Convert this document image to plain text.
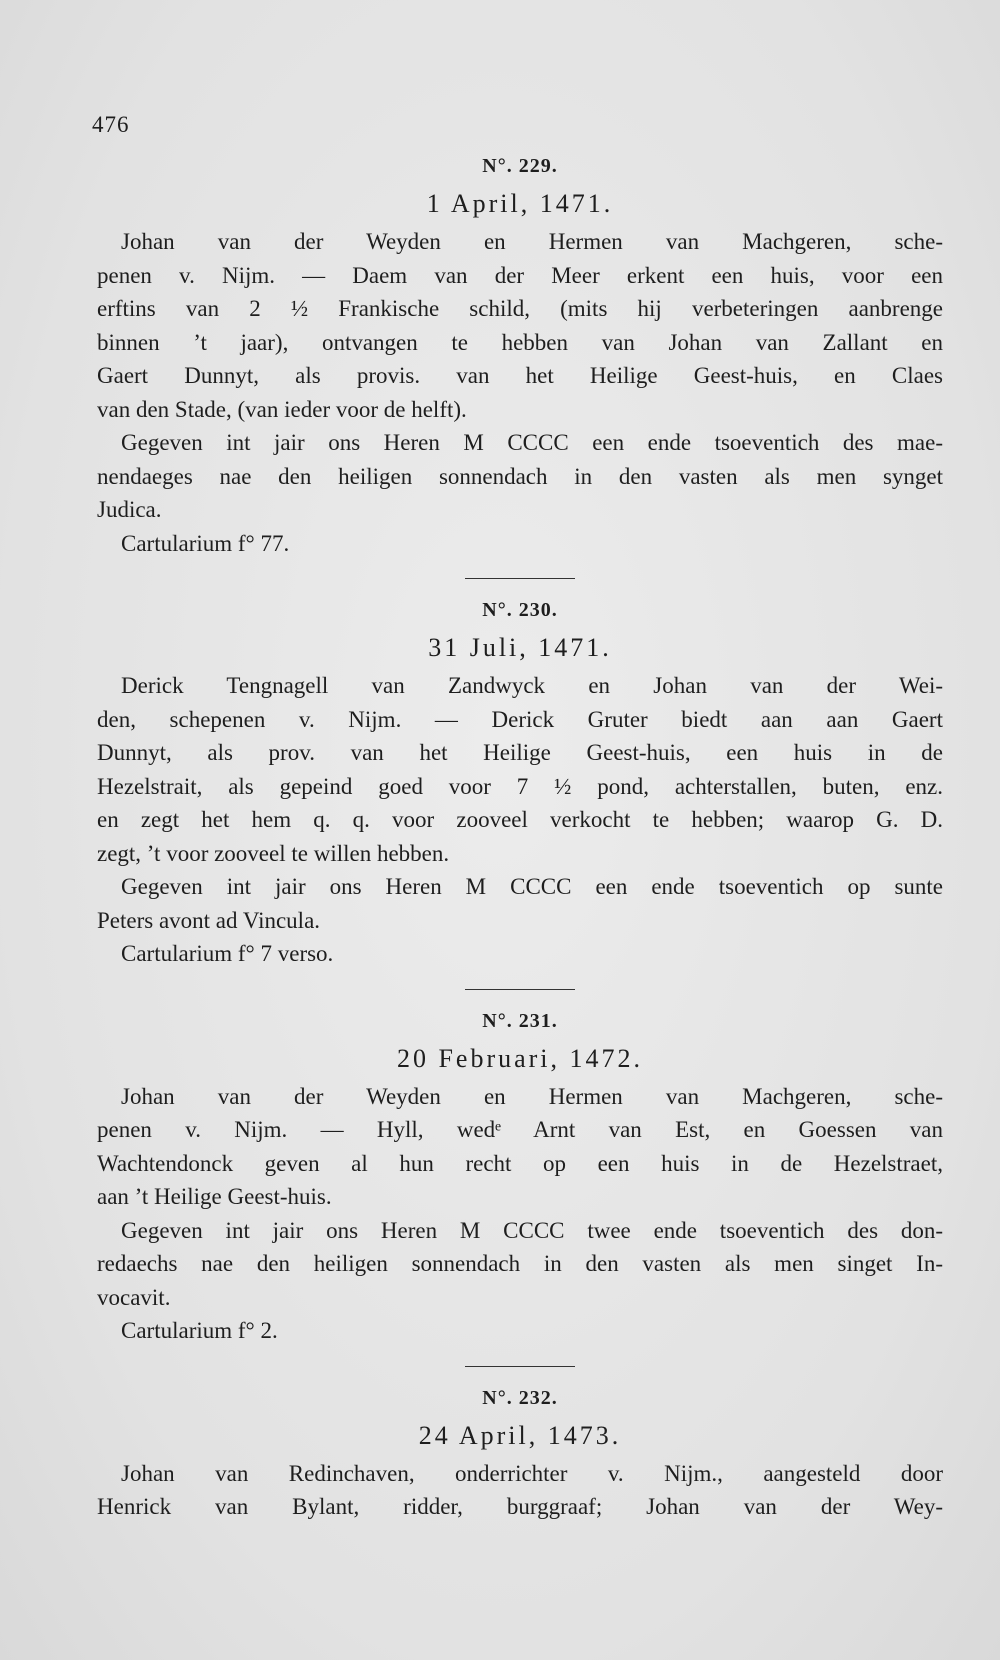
476
N°. 229.
1 April, 1471.
Johan van der Weyden en Hermen van Machgeren, sche-
penen v. Nijm. — Daem van der Meer erkent een huis, voor een
erftins van 2 ½ Frankische schild, (mits hij verbeteringen aanbrenge
binnen ’t jaar), ontvangen te hebben van Johan van Zallant en
Gaert Dunnyt, als provis. van het Heilige Geest-huis, en Claes
van den Stade, (van ieder voor de helft).
Gegeven int jair ons Heren M CCCC een ende tsoeventich des mae-
nendaeges nae den heiligen sonnendach in den vasten als men synget
Judica.
Cartularium f° 77.
N°. 230.
31 Juli, 1471.
Derick Tengnagell van Zandwyck en Johan van der Wei-
den, schepenen v. Nijm. — Derick Gruter biedt aan aan Gaert
Dunnyt, als prov. van het Heilige Geest-huis, een huis in de
Hezelstrait, als gepeind goed voor 7 ½ pond, achterstallen, buten, enz.
en zegt het hem q. q. voor zooveel verkocht te hebben; waarop G. D.
zegt, ’t voor zooveel te willen hebben.
Gegeven int jair ons Heren M CCCC een ende tsoeventich op sunte
Peters avont ad Vincula.
Cartularium f° 7 verso.
N°. 231.
20 Februari, 1472.
Johan van der Weyden en Hermen van Machgeren, sche-
penen v. Nijm. — Hyll, wedᵉ Arnt van Est, en Goessen van
Wachtendonck geven al hun recht op een huis in de Hezelstraet,
aan ’t Heilige Geest-huis.
Gegeven int jair ons Heren M CCCC twee ende tsoeventich des don-
redaechs nae den heiligen sonnendach in den vasten als men singet In-
vocavit.
Cartularium f° 2.
N°. 232.
24 April, 1473.
Johan van Redinchaven, onderrichter v. Nijm., aangesteld door
Henrick van Bylant, ridder, burggraaf; Johan van der Wey-
